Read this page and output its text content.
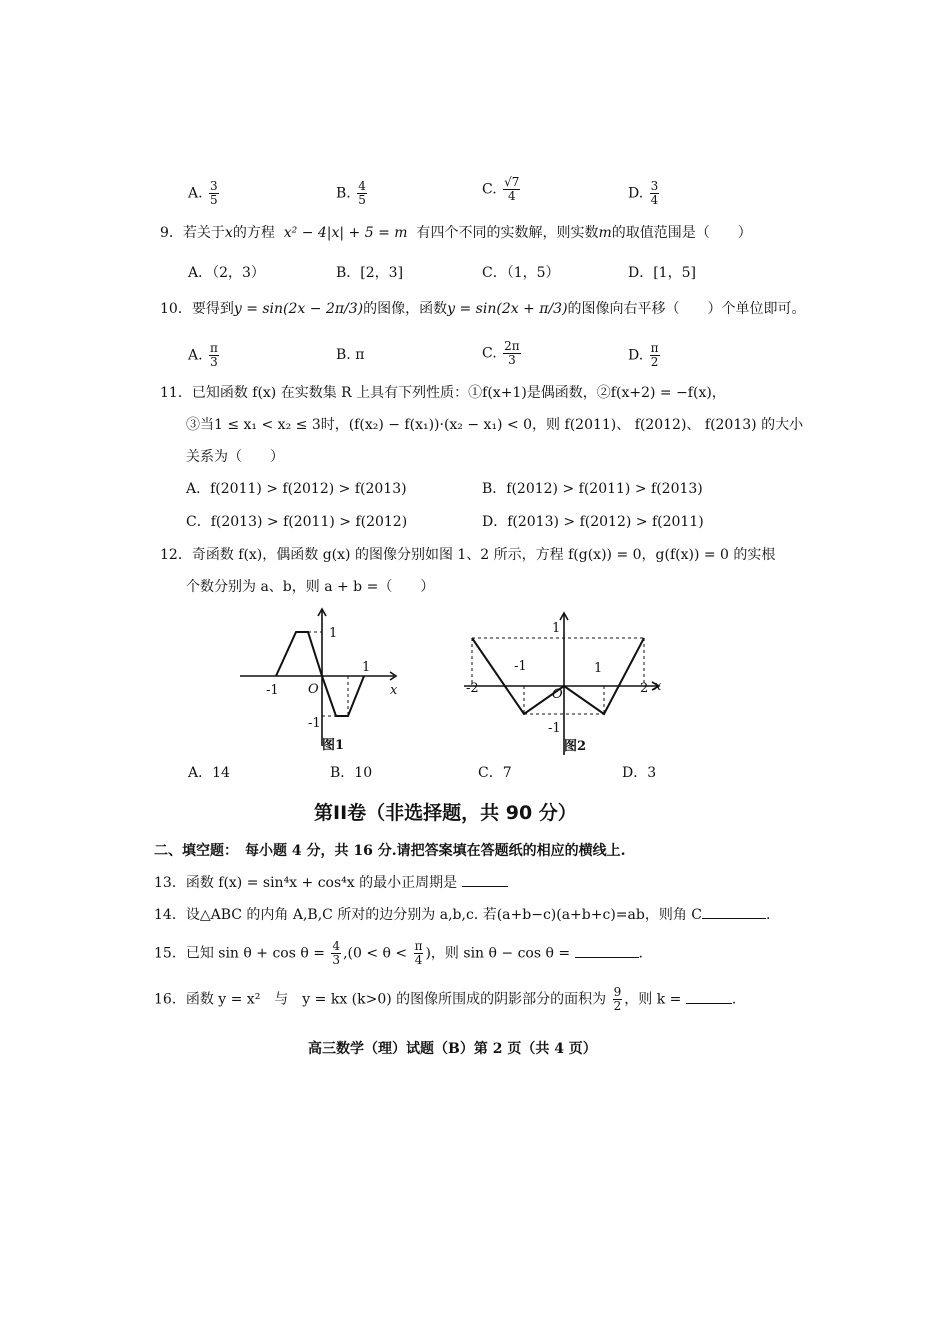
A. $\frac{3}{5}$	B. $\frac{4}{5}$	C. $\frac{√7}{4}$	D. $\frac{3}{4}$
9．若关于x的方程 x² − 4|x| + 5 = m 有四个不同的实数解，则实数m的取值范围是（　　）
A．（2，3）	B．[2，3]	C．（1，5）	D．[1，5]
10．要得到y = sin(2x − 2π/3)的图像，函数y = sin(2x + π/3)的图像向右平移（　　）个单位即可。
A. $\frac{\pi}{3}$	B. π	C. $\frac{2\pi}{3}$	D. $\frac{\pi}{2}$
11．已知函数 f(x) 在实数集 R 上具有下列性质：①f(x+1)是偶函数，②f(x+2) = −f(x)，
③当1 ≤ x₁ < x₂ ≤ 3时，(f(x₂) − f(x₁))·(x₂ − x₁) < 0，则 f(2011)、 f(2012)、 f(2013) 的大小
关系为（　　）
A．f(2011) > f(2012) > f(2013)	B．f(2012) > f(2011) > f(2013)
C．f(2013) > f(2011) > f(2012)	D．f(2013) > f(2012) > f(2011)
12．奇函数 f(x)，偶函数 g(x) 的图像分别如图 1、2 所示，方程 f(g(x)) = 0，g(f(x)) = 0 的实根
个数分别为 a、b，则 a + b =（　　）
1
-1 O
1
x
-1
图1
1
-2
-1
O
1
2 x
-1
图2
A．14	B．10	C．7	D．3
第II卷（非选择题，共 90 分）
二、填空题：　每小题 4 分，共 16 分.请把答案填在答题纸的相应的横线上.
13．函数 f(x) = sin⁴x + cos⁴x 的最小正周期是
14．设△ABC 的内角 A,B,C 所对的边分别为 a,b,c. 若(a+b−c)(a+b+c)=ab，则角 C	.
15．已知 $\sin \theta + \cos \theta = \frac{4}{3} ,(0 < \theta < \frac{\pi}{4}$ )，则 sin θ − cos θ =	.
16．函数 y = x²　与　y = kx (k>0) 的图像所围成的阴影部分的面积为 $\frac{9}{2}$ ，则 k =	.
高三数学（理）试题（B）第 2 页（共 4 页）
